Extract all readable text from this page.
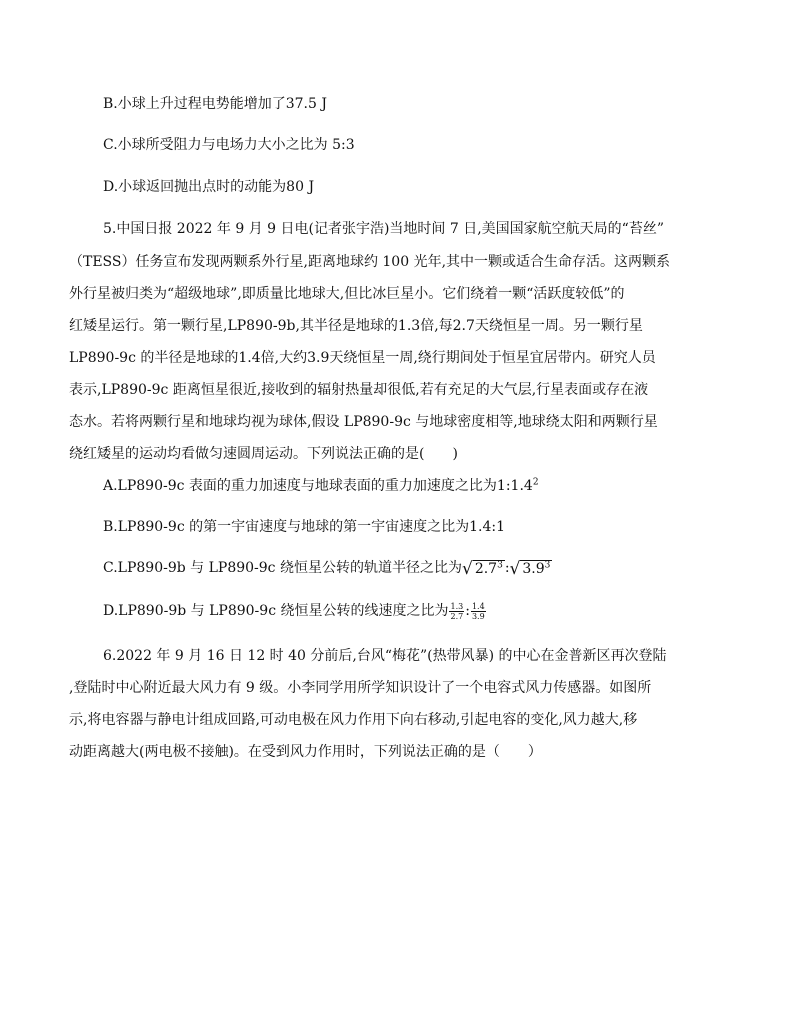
B.小球上升过程电势能增加了37.5 J
C.小球所受阻力与电场力大小之比为 5:3
D.小球返回抛出点时的动能为80 J
5.中国日报 2022 年 9 月 9 日电(记者张宇浩)当地时间 7 日,美国国家航空航天局的“苔丝”
（TESS）任务宣布发现两颗系外行星,距离地球约 100 光年,其中一颗或适合生命存活。这两颗系
外行星被归类为“超级地球”,即质量比地球大,但比冰巨星小。它们绕着一颗“活跃度较低”的
红矮星运行。第一颗行星,LP890-9b,其半径是地球的1.3倍,每2.7天绕恒星一周。另一颗行星
LP890-9c 的半径是地球的1.4倍,大约3.9天绕恒星一周,绕行期间处于恒星宜居带内。研究人员
表示,LP890-9c 距离恒星很近,接收到的辐射热量却很低,若有充足的大气层,行星表面或存在液
态水。若将两颗行星和地球均视为球体,假设 LP890-9c 与地球密度相等,地球绕太阳和两颗行星
绕红矮星的运动均看做匀速圆周运动。下列说法正确的是(　　)
A.LP890-9c 表面的重力加速度与地球表面的重力加速度之比为$1:1.4^2$
B.LP890-9c 的第一宇宙速度与地球的第一宇宙速度之比为1.4:1
C.LP890-9b 与 LP890-9c 绕恒星公转的轨道半径之比为 √ $2.7^3$ : √ $3.9^3$
D.LP890-9b 与 LP890-9c 绕恒星公转的线速度之比为 $\frac{1.3}{2.7}$ : $\frac{1.4}{3.9}$
6.2022 年 9 月 16 日 12 时 40 分前后,台风“梅花”(热带风暴) 的中心在金普新区再次登陆
,登陆时中心附近最大风力有 9 级。小李同学用所学知识设计了一个电容式风力传感器。如图所
示,将电容器与静电计组成回路,可动电极在风力作用下向右移动,引起电容的变化,风力越大,移
动距离越大(两电极不接触)。在受到风力作用时，下列说法正确的是（　　）
